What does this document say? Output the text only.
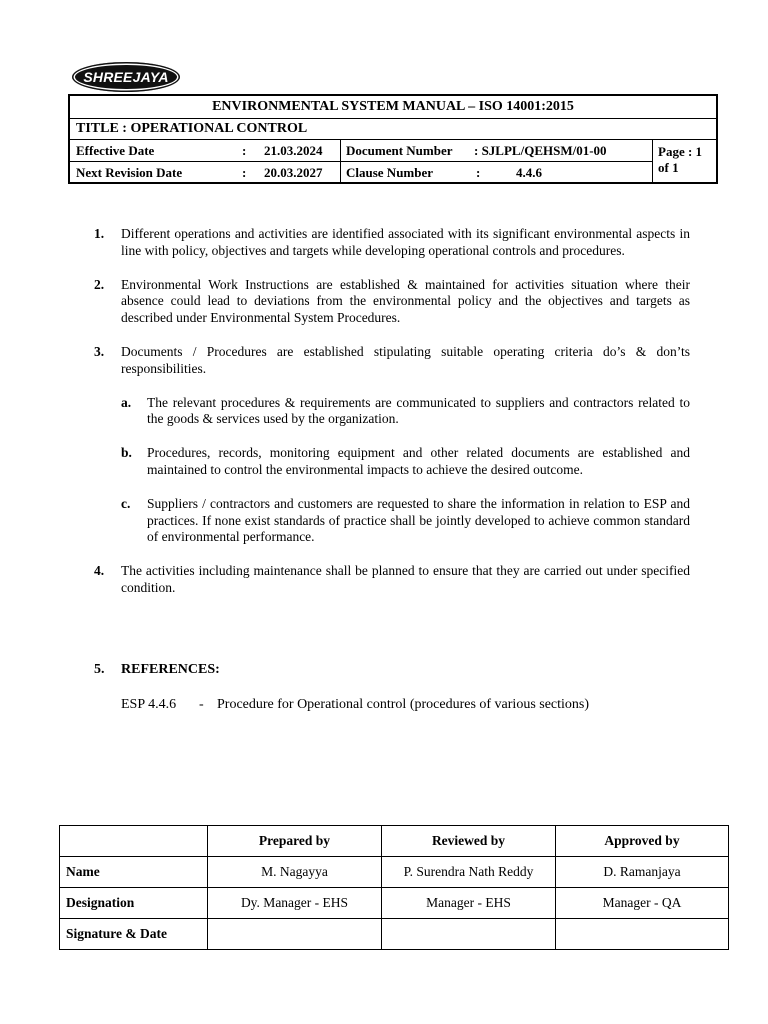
SHREEJAYA
ENVIRONMENTAL SYSTEM MANUAL – ISO 14001:2015
TITLE : OPERATIONAL CONTROL
Effective Date	: 21.03.2024
Next Revision Date	: 20.03.2027
Document Number : SJLPL/QEHSM/01-00
Clause Number	:	4.4.6
Page : 1
of 1
1. Different operations and activities are identified associated with its significant environmental aspects in line with policy, objectives and targets while developing operational controls and procedures.
2. Environmental Work Instructions are established & maintained for activities situation where their absence could lead to deviations from the environmental policy and the objectives and targets as described under Environmental System Procedures.
3. Documents / Procedures are established stipulating suitable operating criteria do’s & don’ts responsibilities.
a. The relevant procedures & requirements are communicated to suppliers and contractors related to the goods & services used by the organization.
b. Procedures, records, monitoring equipment and other related documents are established and maintained to control the environmental impacts to achieve the desired outcome.
c. Suppliers / contractors and customers are requested to share the information in relation to ESP and practices. If none exist standards of practice shall be jointly developed to achieve common standard of environmental performance.
4. The activities including maintenance shall be planned to ensure that they are carried out under specified condition.
5. REFERENCES:
ESP 4.4.6 - Procedure for Operational control (procedures of various sections)
	Prepared by	Reviewed by	Approved by
Name	M. Nagayya	P. Surendra Nath Reddy	D. Ramanjaya
Designation	Dy. Manager - EHS	Manager - EHS	Manager - QA
Signature & Date			
